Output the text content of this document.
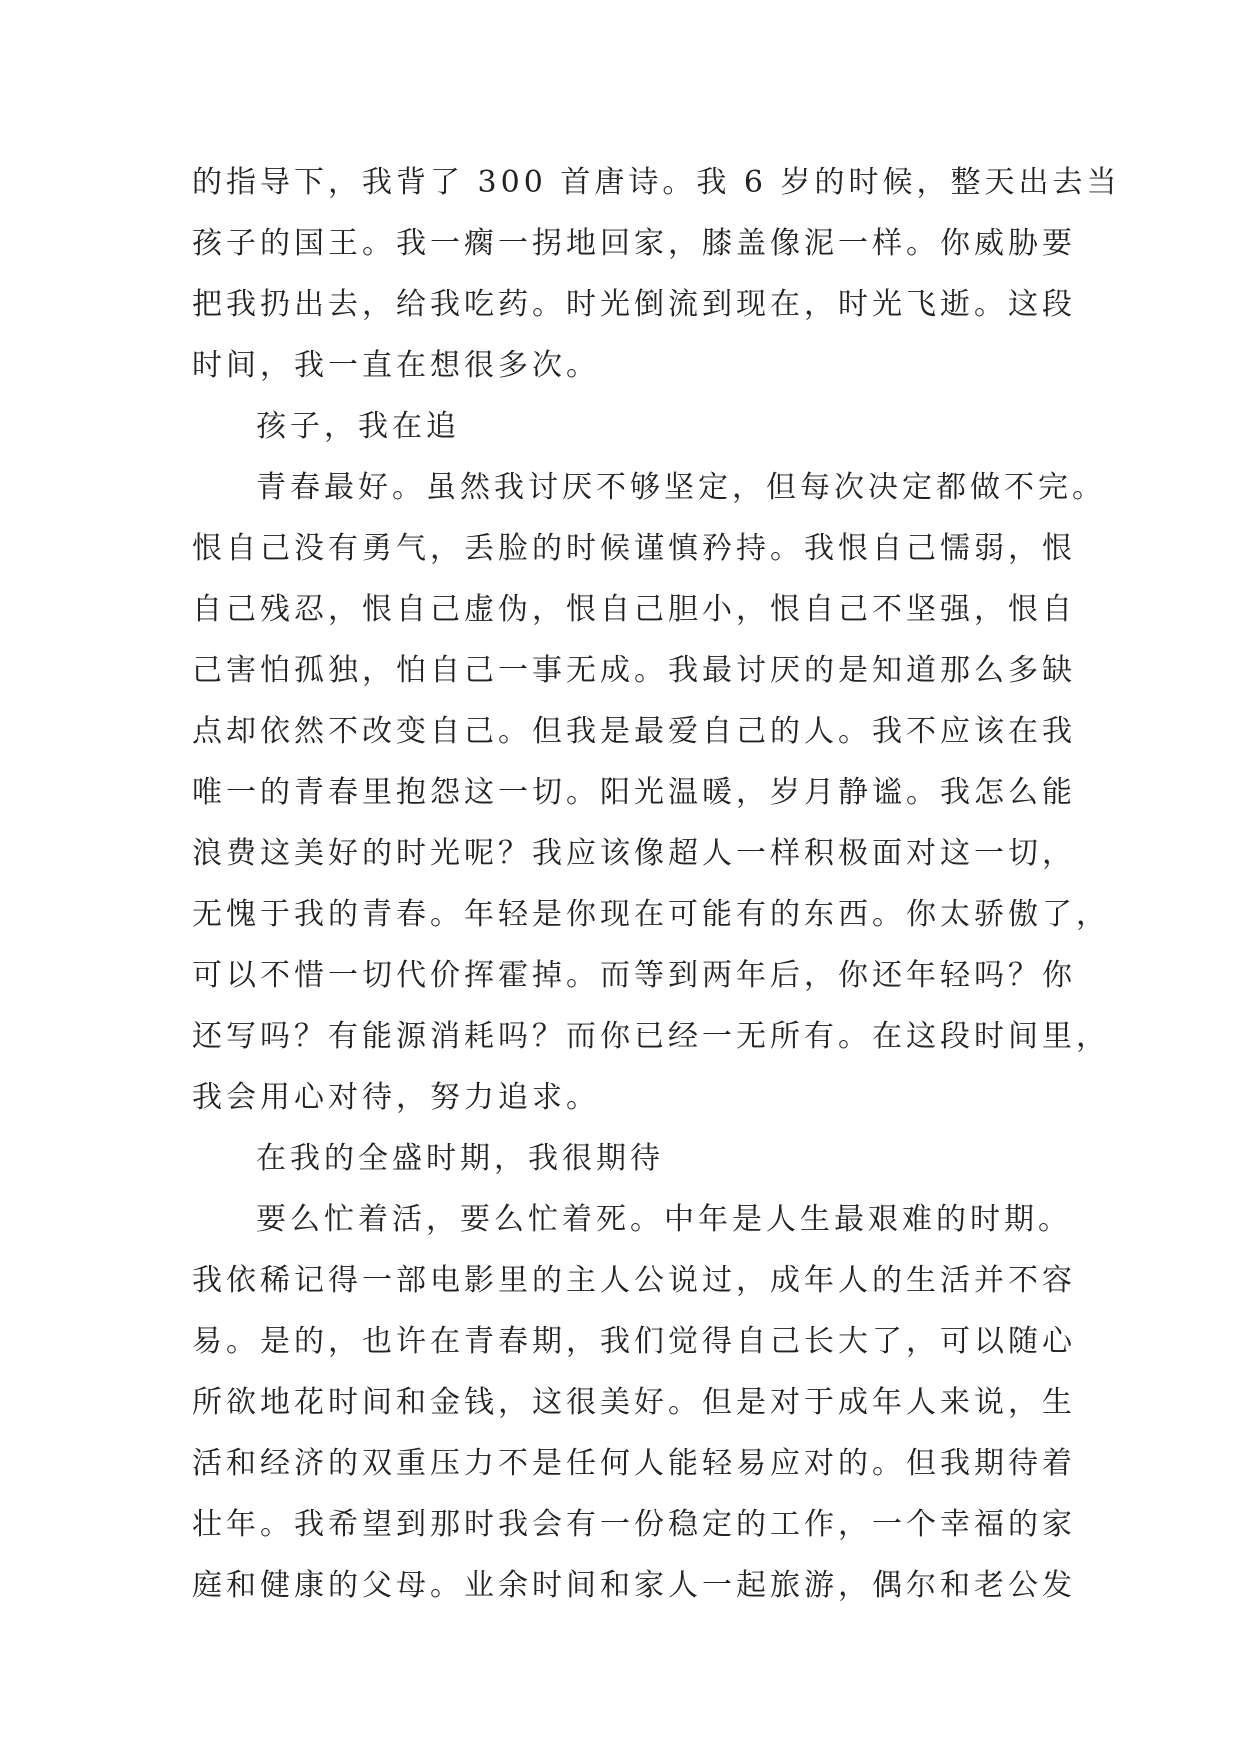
的指导下，我背了 300 首唐诗。我 6 岁的时候，整天出去当

孩子的国王。我一瘸一拐地回家，膝盖像泥一样。你威胁要

把我扔出去，给我吃药。时光倒流到现在，时光飞逝。这段

时间，我一直在想很多次。

孩子，我在追

青春最好。虽然我讨厌不够坚定，但每次决定都做不完。

恨自己没有勇气，丢脸的时候谨慎矜持。我恨自己懦弱，恨

自己残忍，恨自己虚伪，恨自己胆小，恨自己不坚强，恨自

己害怕孤独，怕自己一事无成。我最讨厌的是知道那么多缺

点却依然不改变自己。但我是最爱自己的人。我不应该在我

唯一的青春里抱怨这一切。阳光温暖，岁月静谧。我怎么能

浪费这美好的时光呢？我应该像超人一样积极面对这一切，

无愧于我的青春。年轻是你现在可能有的东西。你太骄傲了，

可以不惜一切代价挥霍掉。而等到两年后，你还年轻吗？你

还写吗？有能源消耗吗？而你已经一无所有。在这段时间里，

我会用心对待，努力追求。

在我的全盛时期，我很期待

要么忙着活，要么忙着死。中年是人生最艰难的时期。

我依稀记得一部电影里的主人公说过，成年人的生活并不容

易。是的，也许在青春期，我们觉得自己长大了，可以随心

所欲地花时间和金钱，这很美好。但是对于成年人来说，生

活和经济的双重压力不是任何人能轻易应对的。但我期待着

壮年。我希望到那时我会有一份稳定的工作，一个幸福的家

庭和健康的父母。业余时间和家人一起旅游，偶尔和老公发
